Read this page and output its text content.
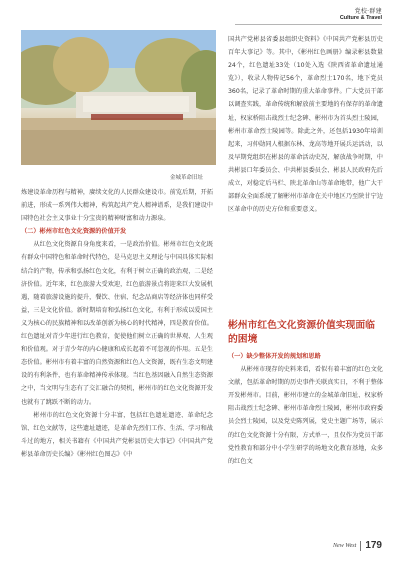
党校·群建
Culture & Travel
金城革命旧址

炼建设革命历程与精神，赓续文化的人民群众建设市。前览后期，开拓前进，形成一系列伟大精神，构筑起共产党人精神谱系，是我们建设中国特色社会主义事业十分宝贵的精神财富和动力源泉。

（二）彬州市红色文化资源的价值开发

从红色文化资源自身角度来看，一是政治价值。彬州市红色文化既有群众中国特色和革命时代特色，是马克思主义理论与中国具体实际相结合的产物，传承和弘扬红色文化，有利于树立正确的政治观，二是经济价值。近年来，红色旅游大受欢迎，红色旅游景点将迎来巨大发展机遇，随着旅游设施的提升，餐饮、住宿、纪念品商店等经济体也同样受益，三是文化价值。新时期培育和弘扬红色文化，有利于形成以爱国主义为核心的民族精神和以改革创新为核心的时代精神，四是教育价值。红色遗址对青少年进行红色教育，促使他们树立正确的世界观、人生观和价值观。对于青少年的内心健康和成长起着不可忽视的作用。五是生态价值。彬州市有着丰富的自然资源和红色人文资源，既有生态文明建设的有利条件，也有革命精神传承体现。当红色基因融入自然生态资源之中，当文明与生态有了交汇融合的契机，彬州市的红色文化资源开发也就有了跳跃不断的动力。

彬州市的红色文化资源十分丰富，包括红色遗址遗迹、革命纪念馆、红色文献等，这些遗址遗迹，是革命先烈们工作、生活、学习和战斗过的地方，相关书籍有《中国共产党彬县历史大事记》《中国共产党彬县革命历史长编》《彬州红色图志》《中

国共产党彬县省委县组织史资料》《中国共产党彬县历史百年大事记》等。其中，《彬州红色画册》编录彬县数量24个，红色遗址33处（10处入选《陕西省革命遗址通览》），收录人物传记56个，革命烈士170名，地下党员360名，记录了革命时期的重大革命事件。广大党员干部以调查实践，革命传统和解放前主要地的有保存的革命遗址，权家桥阻击战烈士纪念碑、彬州市为首头烈士陵园，彬州市革命烈士陵园等。除此之外，还包括1930年培训起来，习仲勋同人根据东林、龙高等地开展兵运活动，以及早期党组织在彬县的革命活动史况，解放战争时期，中共彬县口年委员会、中共彬县委员会、彬县人民政府先后成立，对稳定后马栏、陕北革命山等革命地带，他广大干部群众全面系统了解彬州市革命在关中地区乃至陕甘宁边区革命中的历史方位和重要意义。

彬州市红色文化资源价值实现面临的困境

（一）缺少整体开发的规划和思路

从彬州市现存的史料来看，看似有着丰富的红色文化文献，包括革命时期的历史事件关联真实日，不利于整体开发彬州市。目前，彬州市建立的金城革命旧址、权家桥阻击战烈士纪念碑、彬州市革命烈士陵园，彬州市政府委员会烈士陵园，以及党史陈列展，党史主题广场等，展示的红色文化资源十分有限，方式单一，且仅作为党员干部党性教育和部分中小学生研学的场地文化教育基地，众多的红色文

New West 179
